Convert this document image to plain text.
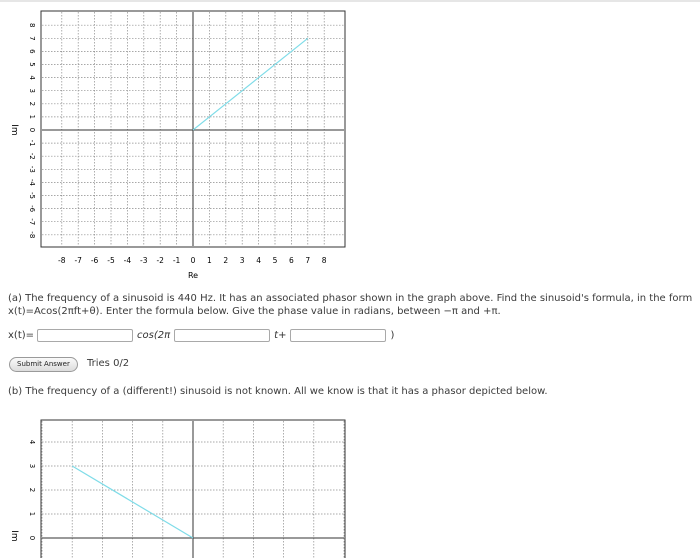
8
7
6
5
4
3
2
1
0
-1
-2
-3
-4
-5
-6
-7
-8
-8 -7 -6 -5 -4 -3 -2 -1 0 1 2 3 4 5 6 7 8
Im
Re
(a) The frequency of a sinusoid is 440 Hz. It has an associated phasor shown in the graph above. Find the sinusoid's formula, in the form x(t)=Acos(2πft+θ). Enter the formula below. Give the phase value in radians, between −π and +π.
x(t)=	cos(2π	t+	)
Submit Answer	Tries 0/2
(b) The frequency of a (different!) sinusoid is not known. All we know is that it has a phasor depicted below.
4
3
2
1
0
Im
